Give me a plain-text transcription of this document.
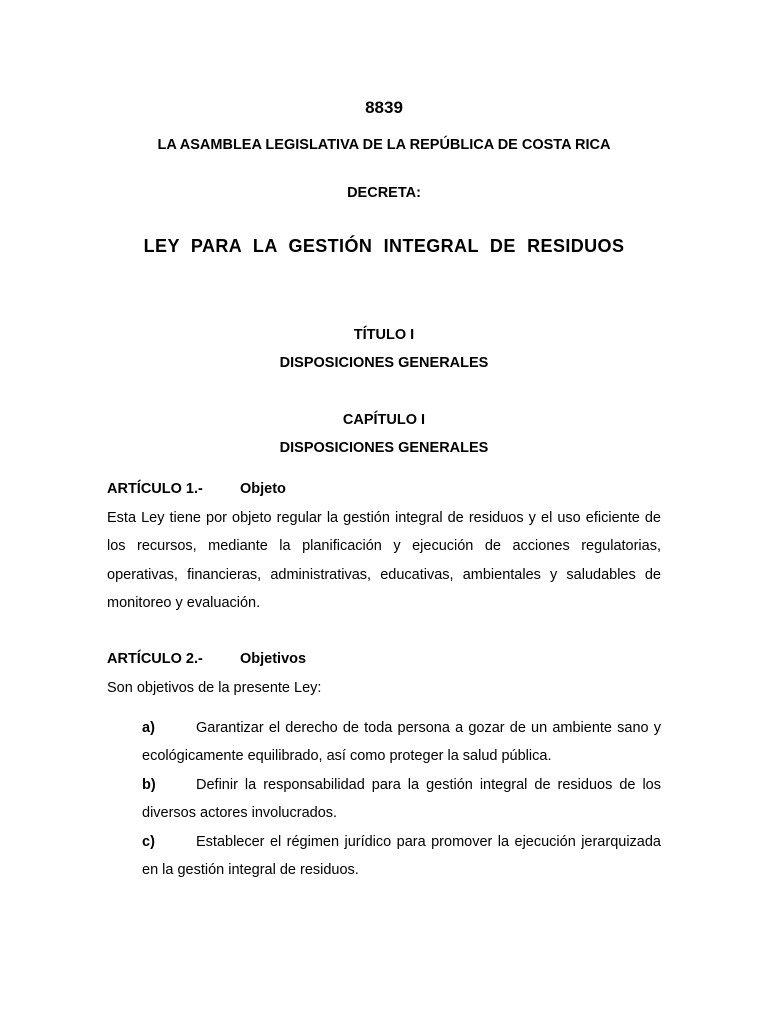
8839

LA ASAMBLEA LEGISLATIVA DE LA REPÚBLICA DE COSTA RICA

DECRETA:

LEY PARA LA GESTIÓN INTEGRAL DE RESIDUOS

TÍTULO I

DISPOSICIONES GENERALES

CAPÍTULO I

DISPOSICIONES GENERALES

ARTÍCULO 1.-	Objeto

Esta Ley tiene por objeto regular la gestión integral de residuos y el uso eficiente de los recursos, mediante la planificación y ejecución de acciones regulatorias, operativas, financieras, administrativas, educativas, ambientales y saludables de monitoreo y evaluación.

ARTÍCULO 2.-	Objetivos

Son objetivos de la presente Ley:

a)	Garantizar el derecho de toda persona a gozar de un ambiente sano y ecológicamente equilibrado, así como proteger la salud pública.
b)	Definir la responsabilidad para la gestión integral de residuos de los diversos actores involucrados.
c)	Establecer el régimen jurídico para promover la ejecución jerarquizada en la gestión integral de residuos.
